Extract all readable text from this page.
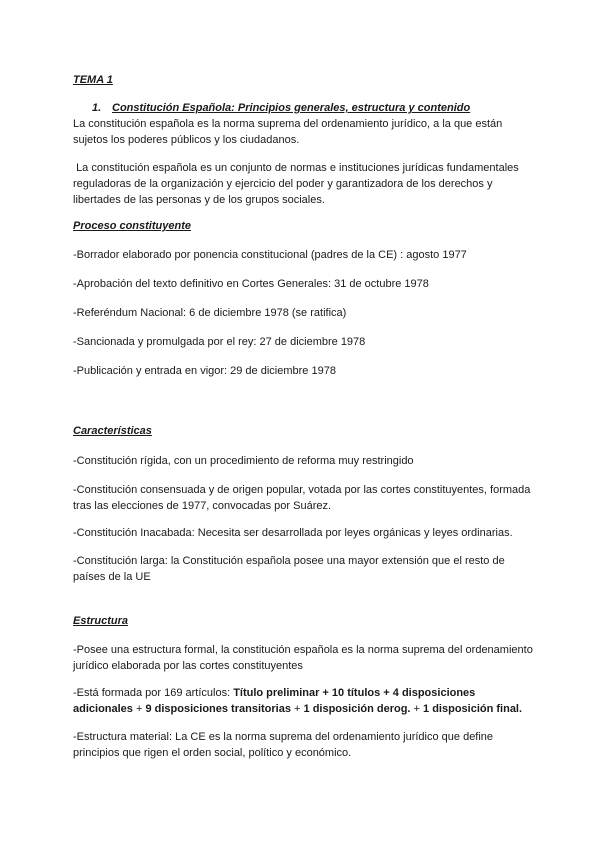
TEMA 1

1. Constitución Española: Principios generales, estructura y contenido

La constitución española es la norma suprema del ordenamiento jurídico, a la que están sujetos los poderes públicos y los ciudadanos.

La constitución española es un conjunto de normas e instituciones jurídicas fundamentales reguladoras de la organización y ejercicio del poder y garantizadora de los derechos y libertades de las personas y de los grupos sociales.

Proceso constituyente

-Borrador elaborado por ponencia constitucional (padres de la CE) : agosto 1977

-Aprobación del texto definitivo en Cortes Generales: 31 de octubre 1978

-Referéndum Nacional: 6 de diciembre 1978 (se ratifica)

-Sancionada y promulgada por el rey: 27 de diciembre 1978

-Publicación y entrada en vigor: 29 de diciembre 1978

Características

-Constitución rígida, con un procedimiento de reforma muy restringido

-Constitución consensuada y de origen popular, votada por las cortes constituyentes, formada tras las elecciones de 1977, convocadas por Suárez.

-Constitución Inacabada: Necesita ser desarrollada por leyes orgánicas y leyes ordinarias.

-Constitución larga: la Constitución española posee una mayor extensión que el resto de países de la UE

Estructura

-Posee una estructura formal, la constitución española es la norma suprema del ordenamiento jurídico elaborada por las cortes constituyentes

-Está formada por 169 artículos: Título preliminar + 10 títulos + 4 disposiciones adicionales + 9 disposiciones transitorias + 1 disposición derog. + 1 disposición final.

-Estructura material: La CE es la norma suprema del ordenamiento jurídico que define principios que rigen el orden social, político y económico.
